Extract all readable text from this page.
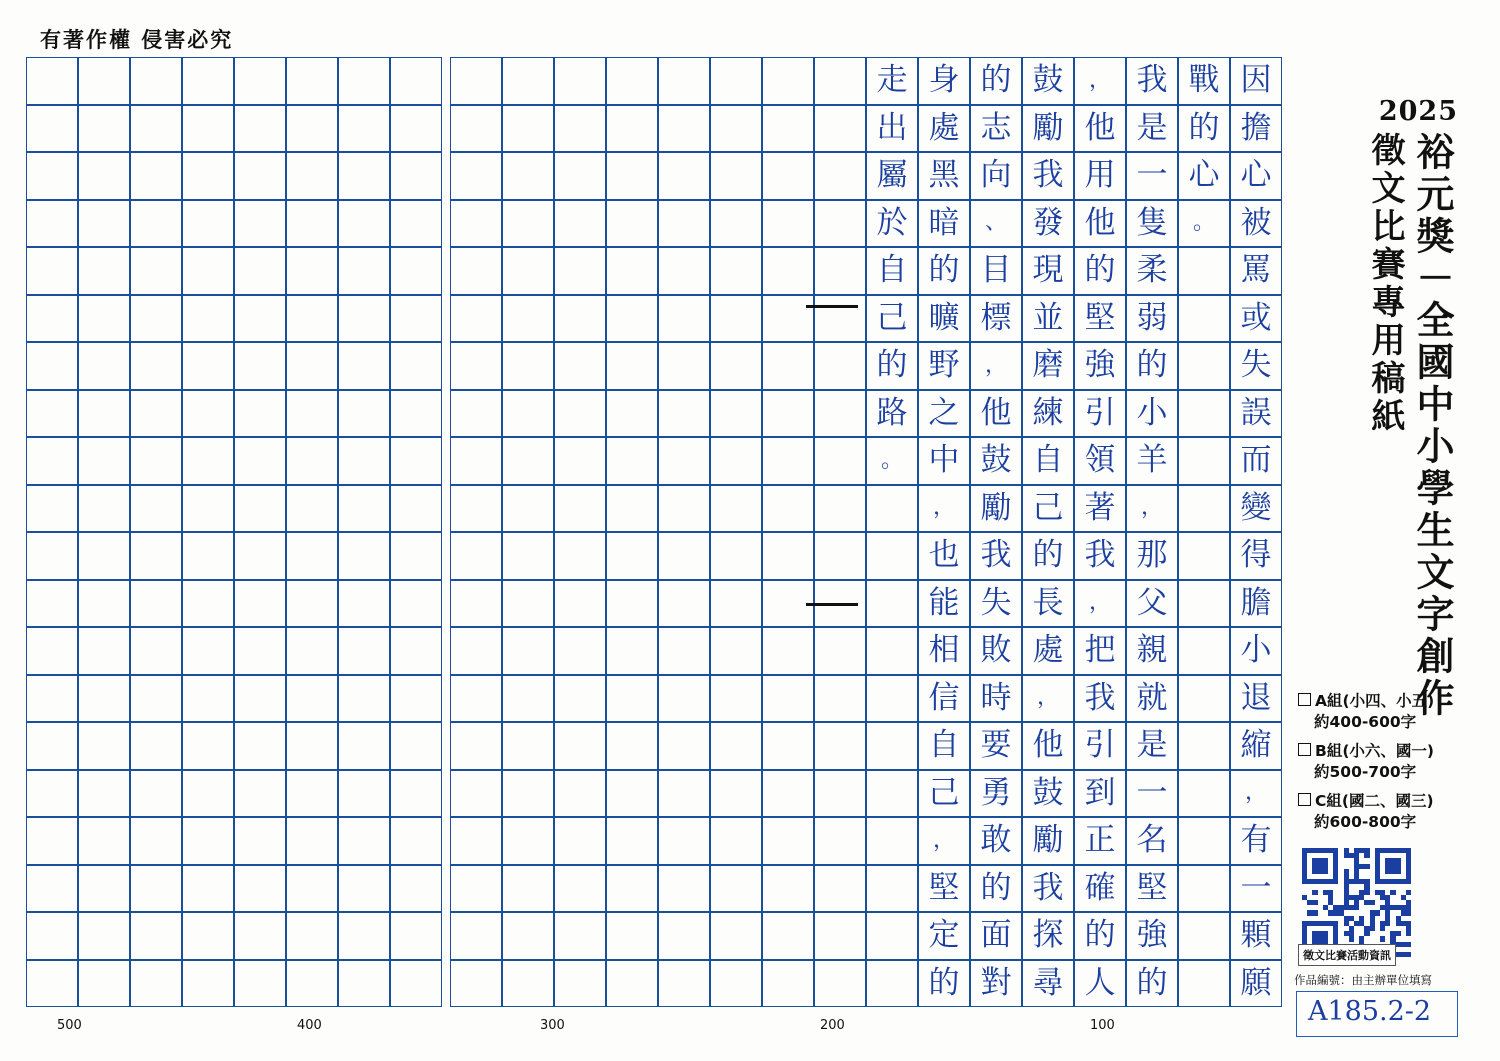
有著作權 侵害必究
因
擔
心
被
罵
或
失
誤
而
變
得
膽
小
退
縮
，
有
一
顆
願
戰
的
心
。
我
是
一
隻
柔
弱
的
小
羊
，
那
父
親
就
是
一
名
堅
強
的
，
他
用
他
的
堅
強
引
領
著
我
，
把
我
引
到
正
確
的
人
鼓
勵
我
發
現
並
磨
練
自
己
的
長
處
，
他
鼓
勵
我
探
尋
的
志
向
、
目
標
，
他
鼓
勵
我
失
敗
時
要
勇
敢
的
面
對
身
處
黑
暗
的
曠
野
之
中
，
也
能
相
信
自
己
，
堅
定
的
走
出
屬
於
自
己
的
路
。
2025
裕元獎－全國中小學生文字創作
徵文比賽專用稿紙
A組(小四、小五)
約400-600字
B組(小六、國一)
約500-700字
C組(國二、國三)
約600-800字
徵文比賽活動資訊
作品編號：由主辦單位填寫
A185.2-2
500	400	300	200	100
